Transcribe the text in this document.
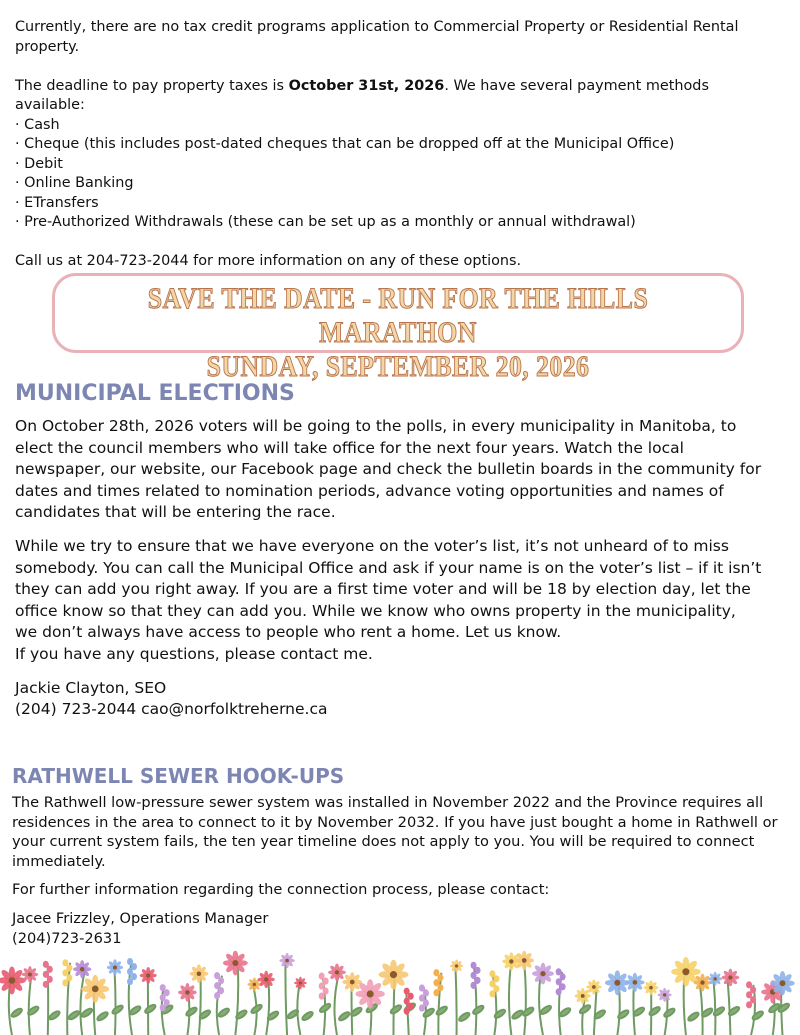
Currently, there are no tax credit programs application to Commercial Property or Residential Rental property.

The deadline to pay property taxes is October 31st, 2026. We have several payment methods available:

· Cash
· Cheque (this includes post-dated cheques that can be dropped off at the Municipal Office)
· Debit
· Online Banking
· ETransfers
· Pre-Authorized Withdrawals (these can be set up as a monthly or annual withdrawal)

Call us at 204-723-2044 for more information on any of these options.

SAVE THE DATE - RUN FOR THE HILLS MARATHON
SUNDAY, SEPTEMBER 20, 2026
MUNICIPAL ELECTIONS

On October 28th, 2026 voters will be going to the polls, in every municipality in Manitoba, to elect the council members who will take office for the next four years. Watch the local newspaper, our website, our Facebook page and check the bulletin boards in the community for dates and times related to nomination periods, advance voting opportunities and names of candidates that will be entering the race.

While we try to ensure that we have everyone on the voter’s list, it’s not unheard of to miss somebody. You can call the Municipal Office and ask if your name is on the voter’s list – if it isn’t they can add you right away. If you are a first time voter and will be 18 by election day, let the office know so that they can add you. While we know who owns property in the municipality, we don’t always have access to people who rent a home. Let us know.

If you have any questions, please contact me.

Jackie Clayton, SEO

(204) 723-2044 cao@norfolktreherne.ca

RATHWELL SEWER HOOK-UPS

The Rathwell low-pressure sewer system was installed in November 2022 and the Province requires all residences in the area to connect to it by November 2032. If you have just bought a home in Rathwell or your current system fails, the ten year timeline does not apply to you. You will be required to connect immediately.

For further information regarding the connection process, please contact:

Jacee Frizzley, Operations Manager

(204)723-2631
